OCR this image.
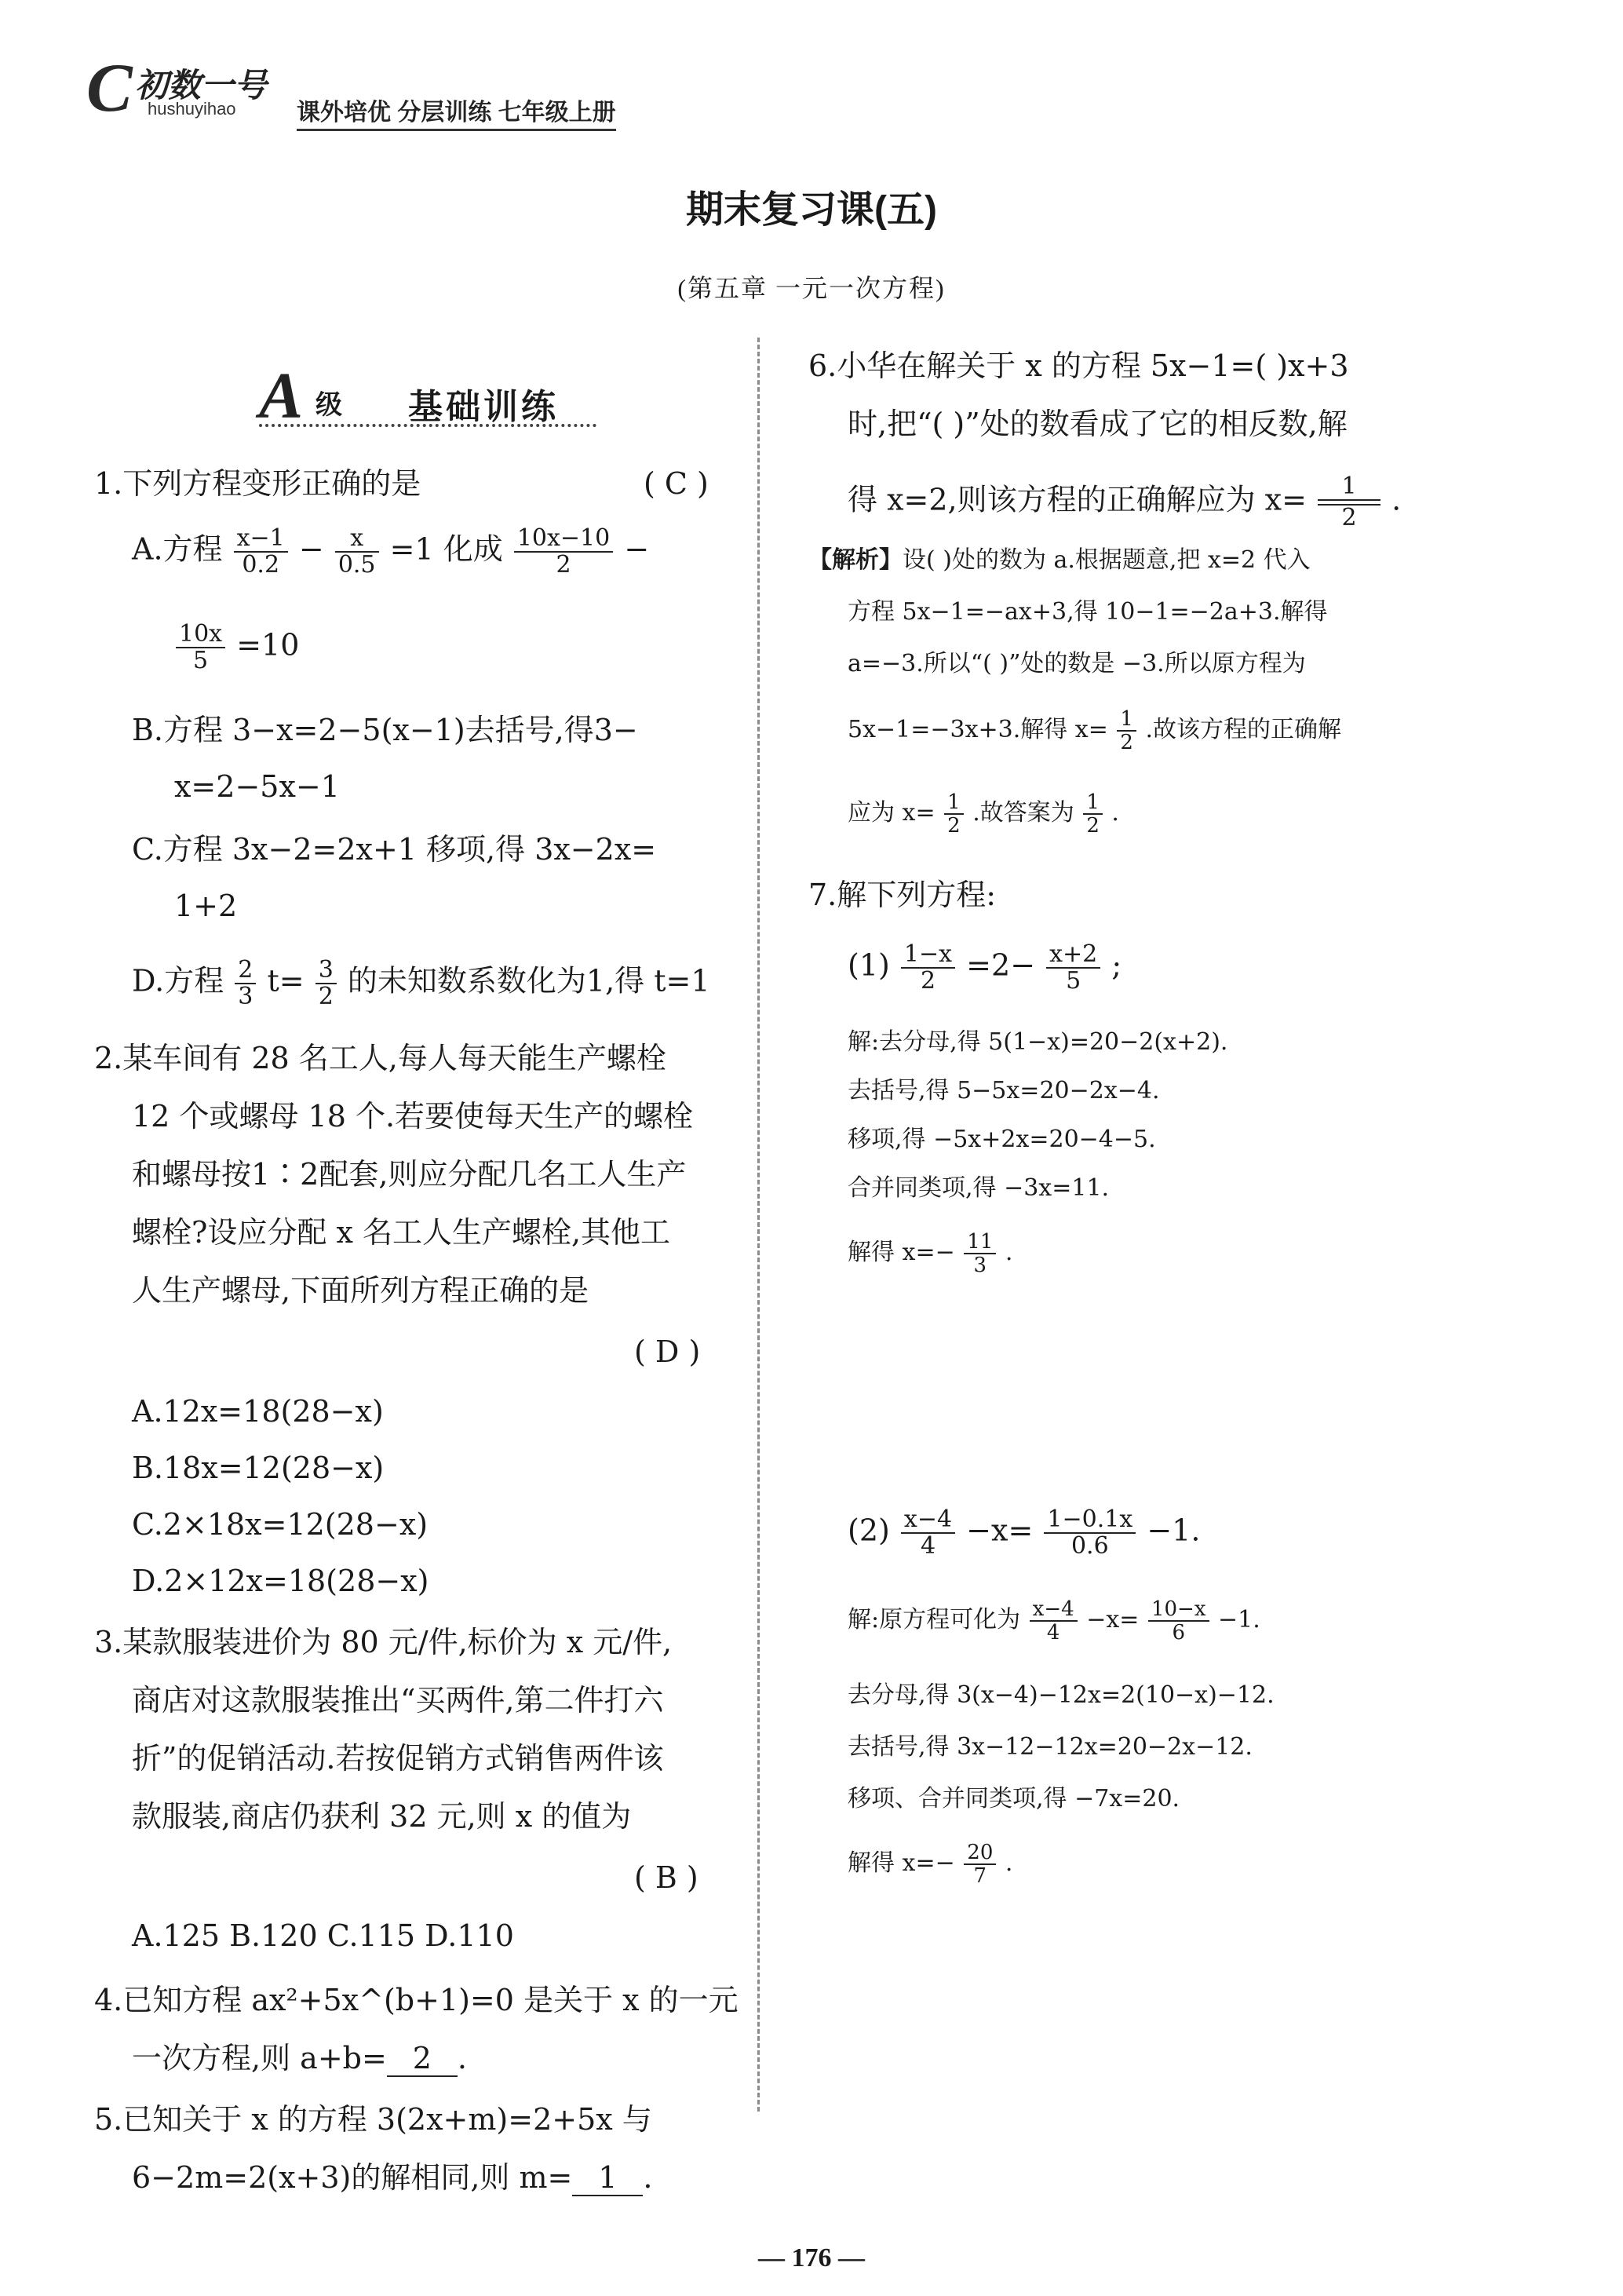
C 初数一号
hushuyihao	课外培优 分层训练 七年级上册
期末复习课(五)
(第五章 一元一次方程)
A 级 基础训练
1.下列方程变形正确的是	( C )
A.方程 $\frac{x-1}{0.2} - \frac{x}{0.5} =1$ 化成 $\frac{10x-10}{2}$ −
$\frac{10x}{5} =10$
B.方程 3−x=2−5(x−1)去括号,得3−
x=2−5x−1
C.方程 3x−2=2x+1 移项,得 3x−2x=
1+2
D.方程 $\frac{2}{3} t= \frac{3}{2}$ 的未知数系数化为1,得 t=1
2.某车间有 28 名工人,每人每天能生产螺栓
12 个或螺母 18 个.若要使每天生产的螺栓
和螺母按1∶2配套,则应分配几名工人生产
螺栓?设应分配 x 名工人生产螺栓,其他工
人生产螺母,下面所列方程正确的是
( D )
A.12x=18(28−x)
B.18x=12(28−x)
C.2×18x=12(28−x)
D.2×12x=18(28−x)
3.某款服装进价为 80 元/件,标价为 x 元/件,
商店对这款服装推出“买两件,第二件打六
折”的促销活动.若按促销方式销售两件该
款服装,商店仍获利 32 元,则 x 的值为
( B )
A.125 B.120 C.115 D.110
4.已知方程 ax²+5x^(b+1)=0 是关于 x 的一元
一次方程,则 a+b= 2 .
5.已知关于 x 的方程 3(2x+m)=2+5x 与
6−2m=2(x+3)的解相同,则 m= 1 .
6.小华在解关于 x 的方程 5x−1=( )x+3
时,把“( )”处的数看成了它的相反数,解
得 x=2,则该方程的正确解应为 $x= \frac{1}{2}$ .
【解析】设( )处的数为 a.根据题意,把 x=2 代入
方程 5x−1=−ax+3,得 10−1=−2a+3.解得
a=−3.所以“( )”处的数是 −3.所以原方程为
5x−1=−3x+3.解得 $x= \frac{1}{2}$ .故该方程的正确解
应为 $x= \frac{1}{2}$ .故答案为 $\frac{1}{2}$ .
7.解下列方程:
$(1) \frac{1-x}{2} =2- \frac{x+2}{5}$ ;
解:去分母,得 5(1−x)=20−2(x+2).
去括号,得 5−5x=20−2x−4.
移项,得 −5x+2x=20−4−5.
合并同类项,得 −3x=11.
解得 $x=- \frac{11}{3}$ .
$(2) \frac{x-4}{4} -x= \frac{1-0.1x}{0.6} -1$.
解:原方程可化为 $\frac{x-4}{4} -x= \frac{10-x}{6} -1$.
去分母,得 3(x−4)−12x=2(10−x)−12.
去括号,得 3x−12−12x=20−2x−12.
移项、合并同类项,得 −7x=20.
解得 $x=- \frac{20}{7}$ .
— 176 —
